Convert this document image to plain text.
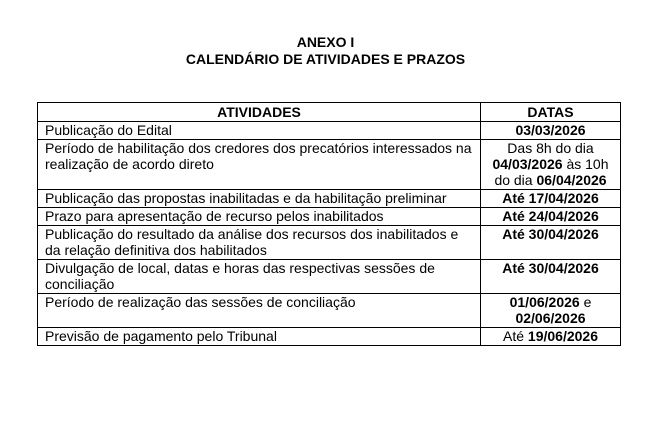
ANEXO I
CALENDÁRIO DE ATIVIDADES E PRAZOS
ATIVIDADES	DATAS
Publicação do Edital	03/03/2026
Período de habilitação dos credores dos precatórios interessados na realização de acordo direto	Das 8h do dia 04/03/2026 às 10h do dia 06/04/2026
Publicação das propostas inabilitadas e da habilitação preliminar	Até 17/04/2026
Prazo para apresentação de recurso pelos inabilitados	Até 24/04/2026
Publicação do resultado da análise dos recursos dos inabilitados e da relação definitiva dos habilitados	Até 30/04/2026
Divulgação de local, datas e horas das respectivas sessões de conciliação	Até 30/04/2026
Período de realização das sessões de conciliação	01/06/2026 e 02/06/2026
Previsão de pagamento pelo Tribunal	Até 19/06/2026
